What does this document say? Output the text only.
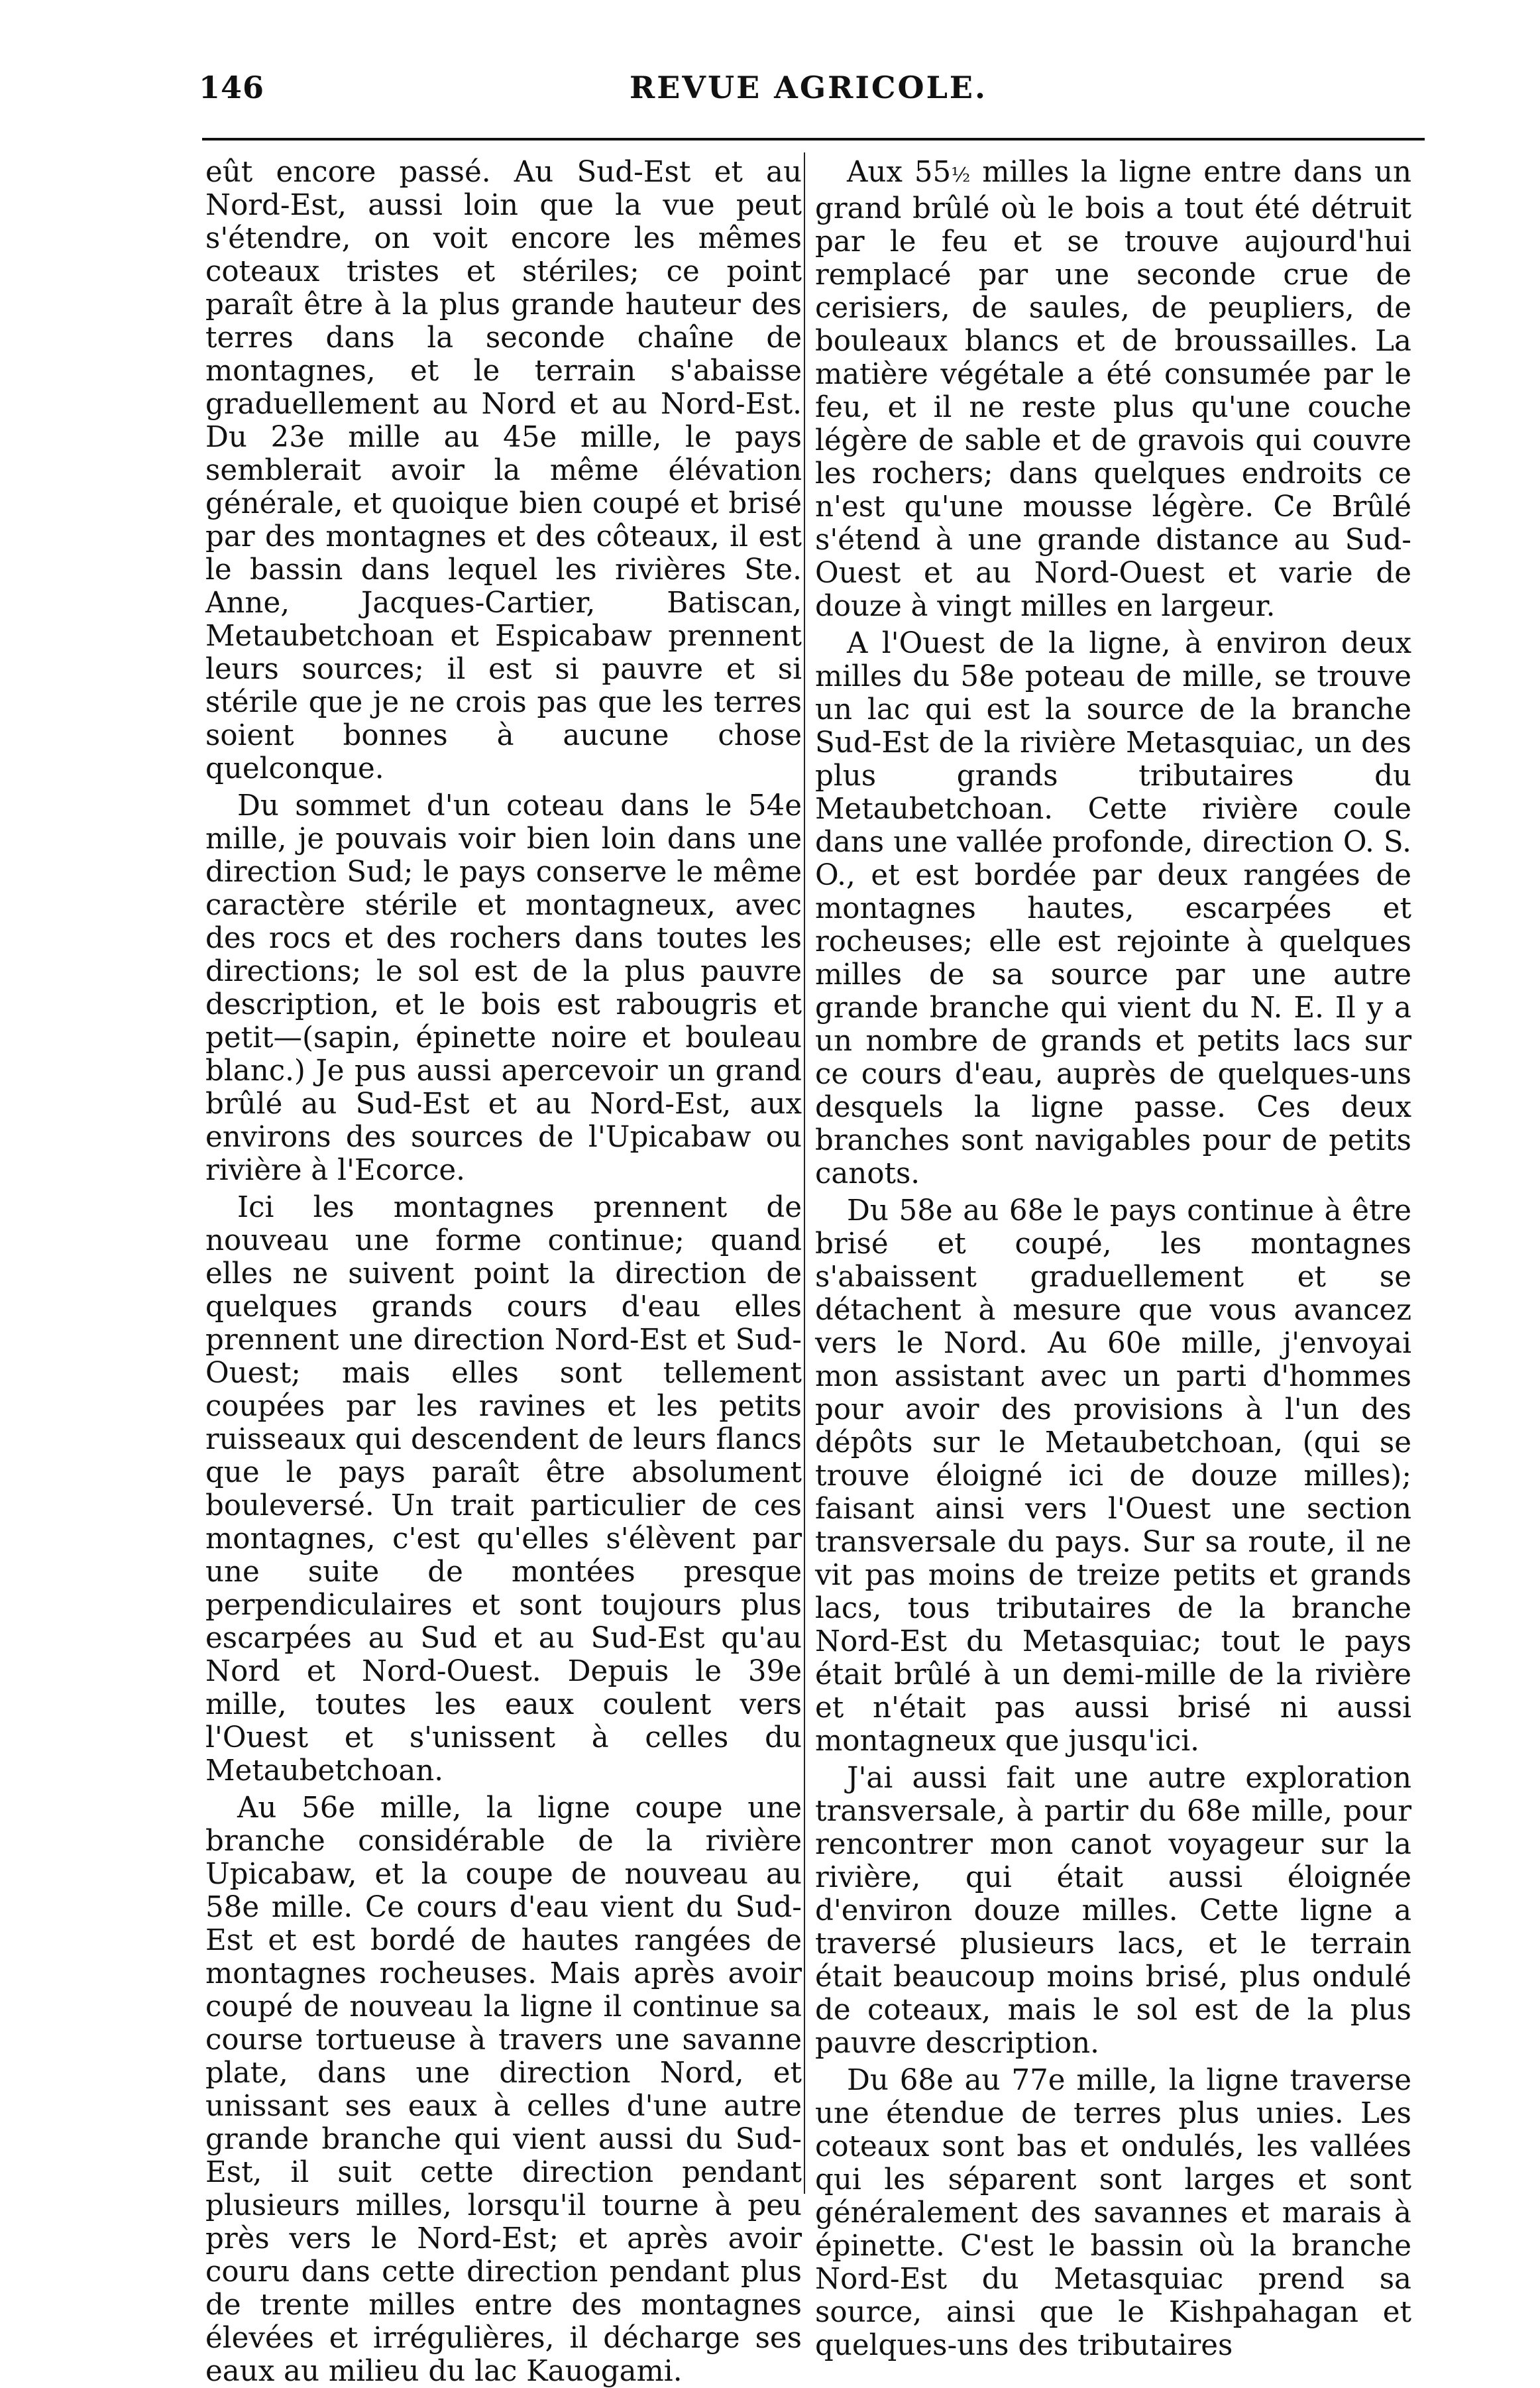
146	REVUE AGRICOLE.

eût encore passé. Au Sud-Est et au Nord-Est, aussi loin que la vue peut s'étendre, on voit encore les mêmes coteaux tristes et stériles; ce point paraît être à la plus grande hauteur des terres dans la seconde chaîne de montagnes, et le terrain s'abaisse graduellement au Nord et au Nord-Est. Du 23e mille au 45e mille, le pays semblerait avoir la même élévation générale, et quoique bien coupé et brisé par des montagnes et des côteaux, il est le bassin dans lequel les rivières Ste. Anne, Jacques-Cartier, Batiscan, Metaubetchoan et Espicabaw prennent leurs sources; il est si pauvre et si stérile que je ne crois pas que les terres soient bonnes à aucune chose quelconque.

Du sommet d'un coteau dans le 54e mille, je pouvais voir bien loin dans une direction Sud; le pays conserve le même caractère stérile et montagneux, avec des rocs et des rochers dans toutes les directions; le sol est de la plus pauvre description, et le bois est rabougris et petit—(sapin, épinette noire et bouleau blanc.) Je pus aussi apercevoir un grand brûlé au Sud-Est et au Nord-Est, aux environs des sources de l'Upicabaw ou rivière à l'Ecorce.

Ici les montagnes prennent de nouveau une forme continue; quand elles ne suivent point la direction de quelques grands cours d'eau elles prennent une direction Nord-Est et Sud-Ouest; mais elles sont tellement coupées par les ravines et les petits ruisseaux qui descendent de leurs flancs que le pays paraît être absolument bouleversé. Un trait particulier de ces montagnes, c'est qu'elles s'élèvent par une suite de montées presque perpendiculaires et sont toujours plus escarpées au Sud et au Sud-Est qu'au Nord et Nord-Ouest. Depuis le 39e mille, toutes les eaux coulent vers l'Ouest et s'unissent à celles du Metaubetchoan.

Au 56e mille, la ligne coupe une branche considérable de la rivière Upicabaw, et la coupe de nouveau au 58e mille. Ce cours d'eau vient du Sud-Est et est bordé de hautes rangées de montagnes rocheuses. Mais après avoir coupé de nouveau la ligne il continue sa course tortueuse à travers une savanne plate, dans une direction Nord, et unissant ses eaux à celles d'une autre grande branche qui vient aussi du Sud-Est, il suit cette direction pendant plusieurs milles, lorsqu'il tourne à peu près vers le Nord-Est; et après avoir couru dans cette direction pendant plus de trente milles entre des montagnes élevées et irrégulières, il décharge ses eaux au milieu du lac Kauogami.

Aux 55½ milles la ligne entre dans un grand brûlé où le bois a tout été détruit par le feu et se trouve aujourd'hui remplacé par une seconde crue de cerisiers, de saules, de peupliers, de bouleaux blancs et de broussailles. La matière végétale a été consumée par le feu, et il ne reste plus qu'une couche légère de sable et de gravois qui couvre les rochers; dans quelques endroits ce n'est qu'une mousse légère. Ce Brûlé s'étend à une grande distance au Sud-Ouest et au Nord-Ouest et varie de douze à vingt milles en largeur.

A l'Ouest de la ligne, à environ deux milles du 58e poteau de mille, se trouve un lac qui est la source de la branche Sud-Est de la rivière Metasquiac, un des plus grands tributaires du Metaubetchoan. Cette rivière coule dans une vallée profonde, direction O. S. O., et est bordée par deux rangées de montagnes hautes, escarpées et rocheuses; elle est rejointe à quelques milles de sa source par une autre grande branche qui vient du N. E. Il y a un nombre de grands et petits lacs sur ce cours d'eau, auprès de quelques-uns desquels la ligne passe. Ces deux branches sont navigables pour de petits canots.

Du 58e au 68e le pays continue à être brisé et coupé, les montagnes s'abaissent graduellement et se détachent à mesure que vous avancez vers le Nord. Au 60e mille, j'envoyai mon assistant avec un parti d'hommes pour avoir des provisions à l'un des dépôts sur le Metaubetchoan, (qui se trouve éloigné ici de douze milles); faisant ainsi vers l'Ouest une section transversale du pays. Sur sa route, il ne vit pas moins de treize petits et grands lacs, tous tributaires de la branche Nord-Est du Metasquiac; tout le pays était brûlé à un demi-mille de la rivière et n'était pas aussi brisé ni aussi montagneux que jusqu'ici.

J'ai aussi fait une autre exploration transversale, à partir du 68e mille, pour rencontrer mon canot voyageur sur la rivière, qui était aussi éloignée d'environ douze milles. Cette ligne a traversé plusieurs lacs, et le terrain était beaucoup moins brisé, plus ondulé de coteaux, mais le sol est de la plus pauvre description.

Du 68e au 77e mille, la ligne traverse une étendue de terres plus unies. Les coteaux sont bas et ondulés, les vallées qui les séparent sont larges et sont généralement des savannes et marais à épinette. C'est le bassin où la branche Nord-Est du Metasquiac prend sa source, ainsi que le Kishpahagan et quelques-uns des tributaires
